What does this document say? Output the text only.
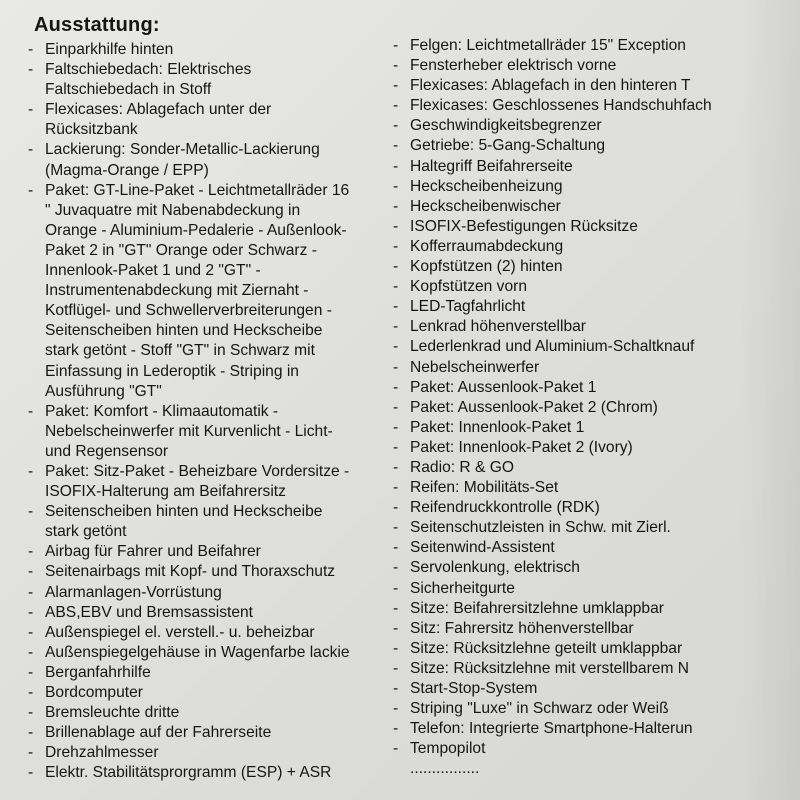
Ausstattung:
- Einparkhilfe hinten
- Faltschiebedach: Elektrisches
Faltschiebedach in Stoff
- Flexicases: Ablagefach unter der
Rücksitzbank
- Lackierung: Sonder-Metallic-Lackierung
(Magma-Orange / EPP)
- Paket: GT-Line-Paket - Leichtmetallräder 16
" Juvaquatre mit Nabenabdeckung in
Orange - Aluminium-Pedalerie - Außenlook-
Paket 2 in "GT" Orange oder Schwarz -
Innenlook-Paket 1 und 2 "GT" -
Instrumentenabdeckung mit Ziernaht -
Kotflügel- und Schwellerverbreiterungen -
Seitenscheiben hinten und Heckscheibe
stark getönt - Stoff "GT" in Schwarz mit
Einfassung in Lederoptik - Striping in
Ausführung "GT"
- Paket: Komfort - Klimaautomatik -
Nebelscheinwerfer mit Kurvenlicht - Licht-
und Regensensor
- Paket: Sitz-Paket - Beheizbare Vordersitze -
ISOFIX-Halterung am Beifahrersitz
- Seitenscheiben hinten und Heckscheibe
stark getönt
- Airbag für Fahrer und Beifahrer
- Seitenairbags mit Kopf- und Thoraxschutz
- Alarmanlagen-Vorrüstung
- ABS,EBV und Bremsassistent
- Außenspiegel el. verstell.- u. beheizbar
- Außenspiegelgehäuse in Wagenfarbe lackie
- Berganfahrhilfe
- Bordcomputer
- Bremsleuchte dritte
- Brillenablage auf der Fahrerseite
- Drehzahlmesser
- Elektr. Stabilitätsprorgramm (ESP) + ASR
- Felgen: Leichtmetallräder 15" Exception
- Fensterheber elektrisch vorne
- Flexicases: Ablagefach in den hinteren T
- Flexicases: Geschlossenes Handschuhfach
- Geschwindigkeitsbegrenzer
- Getriebe: 5-Gang-Schaltung
- Haltegriff Beifahrerseite
- Heckscheibenheizung
- Heckscheibenwischer
- ISOFIX-Befestigungen Rücksitze
- Kofferraumabdeckung
- Kopfstützen (2) hinten
- Kopfstützen vorn
- LED-Tagfahrlicht
- Lenkrad höhenverstellbar
- Lederlenkrad und Aluminium-Schaltknauf
- Nebelscheinwerfer
- Paket: Aussenlook-Paket 1
- Paket: Aussenlook-Paket 2 (Chrom)
- Paket: Innenlook-Paket 1
- Paket: Innenlook-Paket 2 (Ivory)
- Radio: R & GO
- Reifen: Mobilitäts-Set
- Reifendruckkontrolle (RDK)
- Seitenschutzleisten in Schw. mit Zierl.
- Seitenwind-Assistent
- Servolenkung, elektrisch
- Sicherheitgurte
- Sitze: Beifahrersitzlehne umklappbar
- Sitz: Fahrersitz höhenverstellbar
- Sitze: Rücksitzlehne geteilt umklappbar
- Sitze: Rücksitzlehne mit verstellbarem N
- Start-Stop-System
- Striping "Luxe" in Schwarz oder Weiß
- Telefon: Integrierte Smartphone-Halterun
- Tempopilot
................
